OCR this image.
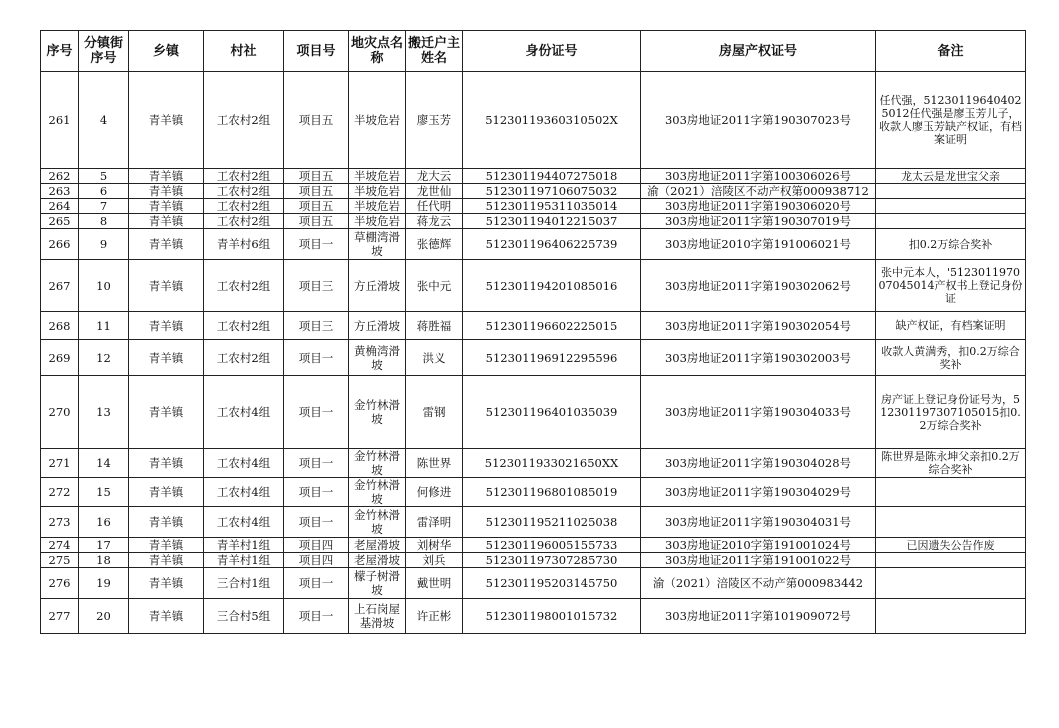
序号	分镇街序号	乡镇	村社	项目号	地灾点名称	搬迁户主姓名	身份证号	房屋产权证号	备注
261	4	青羊镇	工农村2组	项目五	半坡危岩	廖玉芳	51230119360310502X	303房地证2011字第190307023号	任代强，512301196404025012任代强是廖玉芳儿子，收款人廖玉芳缺产权证，有档案证明
262	5	青羊镇	工农村2组	项目五	半坡危岩	龙大云	512301194407275018	303房地证2011字第100306026号	龙太云是龙世宝父亲
263	6	青羊镇	工农村2组	项目五	半坡危岩	龙世仙	512301197106075032	渝（2021）涪陵区不动产权第000938712	
264	7	青羊镇	工农村2组	项目五	半坡危岩	任代明	512301195311035014	303房地证2011字第190306020号	
265	8	青羊镇	工农村2组	项目五	半坡危岩	蒋龙云	512301194012215037	303房地证2011字第190307019号	
266	9	青羊镇	青羊村6组	项目一	草棚湾滑坡	张德辉	512301196406225739	303房地证2010字第191006021号	扣0.2万综合奖补
267	10	青羊镇	工农村2组	项目三	方丘滑坡	张中元	512301194201085016	303房地证2011字第190302062号	张中元本人，'512301197007045014产权书上登记身份证
268	11	青羊镇	工农村2组	项目三	方丘滑坡	蒋胜福	512301196602225015	303房地证2011字第190302054号	缺产权证，有档案证明
269	12	青羊镇	工农村2组	项目一	黄桷湾滑坡	洪义	512301196912295596	303房地证2011字第190302003号	收款人黄满秀，扣0.2万综合奖补
270	13	青羊镇	工农村4组	项目一	金竹林滑坡	雷钢	512301196401035039	303房地证2011字第190304033号	房产证上登记身份证号为，512301197307105015扣0.2万综合奖补
271	14	青羊镇	工农村4组	项目一	金竹林滑坡	陈世界	5123011933021650XX	303房地证2011字第190304028号	陈世界是陈永坤父亲扣0.2万综合奖补
272	15	青羊镇	工农村4组	项目一	金竹林滑坡	何修进	512301196801085019	303房地证2011字第190304029号	
273	16	青羊镇	工农村4组	项目一	金竹林滑坡	雷泽明	512301195211025038	303房地证2011字第190304031号	
274	17	青羊镇	青羊村1组	项目四	老屋滑坡	刘树华	512301196005155733	303房地证2010字第191001024号	已因遗失公告作废
275	18	青羊镇	青羊村1组	项目四	老屋滑坡	刘兵	512301197307285730	303房地证2011字第191001022号	
276	19	青羊镇	三合村1组	项目一	檬子树滑坡	戴世明	512301195203145750	渝（2021）涪陵区不动产第000983442	
277	20	青羊镇	三合村5组	项目一	上石岗屋基滑坡	许正彬	512301198001015732	303房地证2011字第101909072号	
